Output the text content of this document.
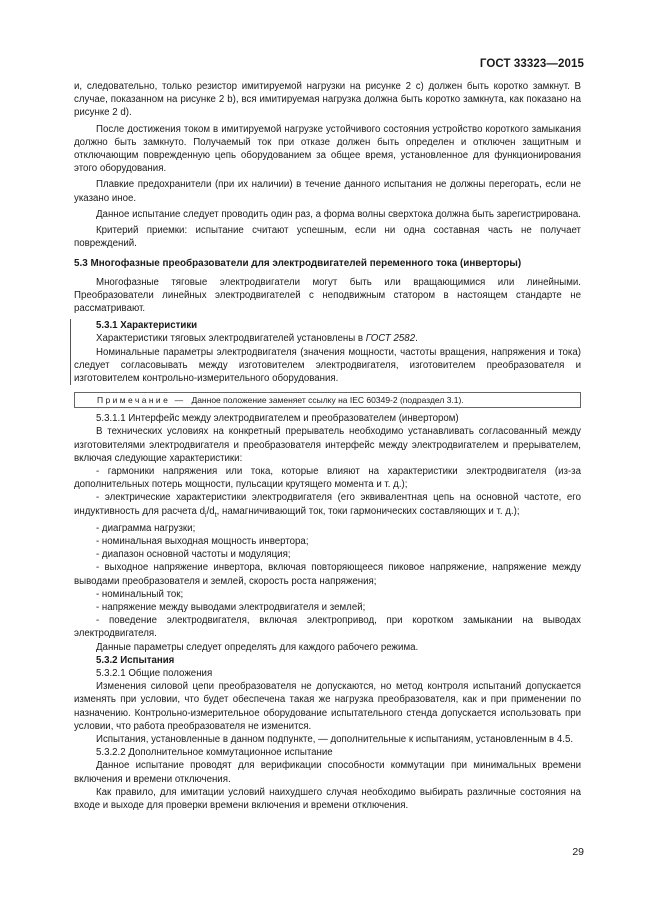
ГОСТ 33323—2015

и, следовательно, только резистор имитируемой нагрузки на рисунке 2 c) должен быть коротко замкнут. В случае, показанном на рисунке 2 b), вся имитируемая нагрузка должна быть коротко замкнута, как показано на рисунке 2 d).

После достижения током в имитируемой нагрузке устойчивого состояния устройство короткого замыкания должно быть замкнуто. Получаемый ток при отказе должен быть определен и отключен защитным и отключающим поврежденную цепь оборудованием за общее время, установленное для функционирования этого оборудования.

Плавкие предохранители (при их наличии) в течение данного испытания не должны перегорать, если не указано иное.

Данное испытание следует проводить один раз, а форма волны сверхтока должна быть зарегистрирована.

Критерий приемки: испытание считают успешным, если ни одна составная часть не получает повреждений.

5.3 Многофазные преобразователи для электродвигателей переменного тока (инверторы)

Многофазные тяговые электродвигатели могут быть или вращающимися или линейными. Преобразователи линейных электродвигателей с неподвижным статором в настоящем стандарте не рассматривают.

5.3.1 Характеристики

Характеристики тяговых электродвигателей установлены в ГОСТ 2582.

Номинальные параметры электродвигателя (значения мощности, частоты вращения, напряжения и тока) следует согласовывать между изготовителем электродвигателя, изготовителем преобразователя и изготовителем контрольно-измерительного оборудования.

Примечание — Данное положение заменяет ссылку на IEC 60349-2 (подраздел 3.1).

5.3.1.1 Интерфейс между электродвигателем и преобразователем (инвертором)

В технических условиях на конкретный прерыватель необходимо устанавливать согласованный между изготовителями электродвигателя и преобразователя интерфейс между электродвигателем и прерывателем, включая следующие характеристики:

- гармоники напряжения или тока, которые влияют на характеристики электродвигателя (из-за дополнительных потерь мощности, пульсации крутящего момента и т. д.);

- электрические характеристики электродвигателя (его эквивалентная цепь на основной частоте, его индуктивность для расчета $d_i/d_t$, намагничивающий ток, токи гармонических составляющих и т. д.);

- диаграмма нагрузки;

- номинальная выходная мощность инвертора;

- диапазон основной частоты и модуляция;

- выходное напряжение инвертора, включая повторяющееся пиковое напряжение, напряжение между выводами преобразователя и землей, скорость роста напряжения;

- номинальный ток;

- напряжение между выводами электродвигателя и землей;

- поведение электродвигателя, включая электропривод, при коротком замыкании на выводах электродвигателя.

Данные параметры следует определять для каждого рабочего режима.

5.3.2 Испытания

5.3.2.1 Общие положения

Изменения силовой цепи преобразователя не допускаются, но метод контроля испытаний допускается изменять при условии, что будет обеспечена такая же нагрузка преобразователя, как и при применении по назначению. Контрольно-измерительное оборудование испытательного стенда допускается использовать при условии, что работа преобразователя не изменится.

Испытания, установленные в данном подпункте, — дополнительные к испытаниям, установленным в 4.5.

5.3.2.2 Дополнительное коммутационное испытание

Данное испытание проводят для верификации способности коммутации при минимальных времени включения и времени отключения.

Как правило, для имитации условий наихудшего случая необходимо выбирать различные состояния на входе и выходе для проверки времени включения и времени отключения.

29
